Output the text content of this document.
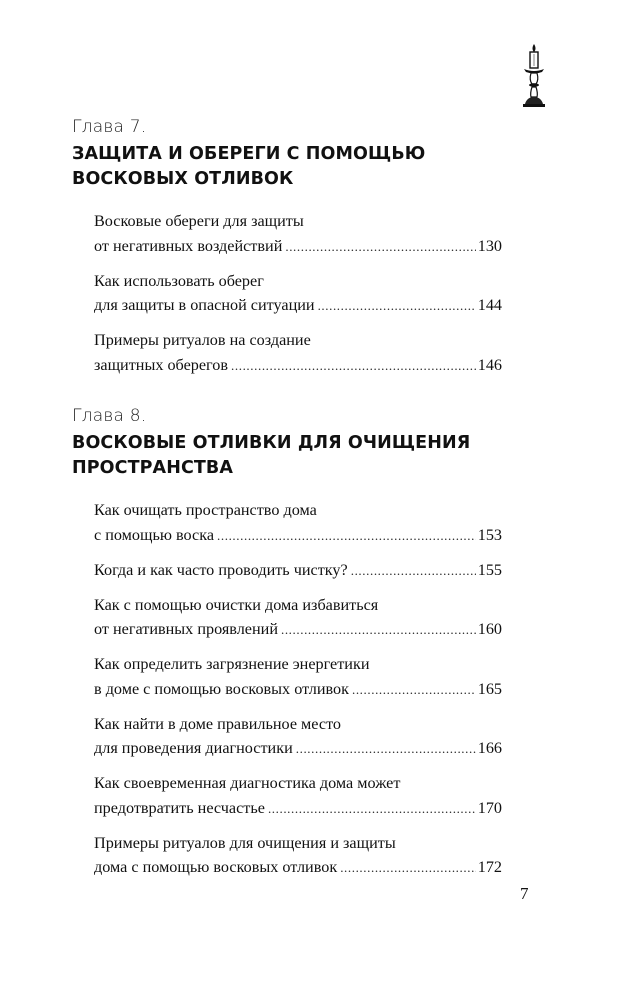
Глава 7.
ЗАЩИТА И ОБЕРЕГИ С ПОМОЩЬЮ
ВОСКОВЫХ ОТЛИВОК
Восковые обереги для защиты
от негативных воздействий .....	130
Как использовать оберег
для защиты в опасной ситуации .....	144
Примеры ритуалов на создание
защитных оберегов .....	146
Глава 8.
ВОСКОВЫЕ ОТЛИВКИ ДЛЯ ОЧИЩЕНИЯ
ПРОСТРАНСТВА
Как очищать пространство дома
с помощью воска .....	153
Когда и как часто проводить чистку? .....	155
Как с помощью очистки дома избавиться
от негативных проявлений .....	160
Как определить загрязнение энергетики
в доме с помощью восковых отливок .....	165
Как найти в доме правильное место
для проведения диагностики .....	166
Как своевременная диагностика дома может
предотвратить несчастье .....	170
Примеры ритуалов для очищения и защиты
дома с помощью восковых отливок .....	172
7
